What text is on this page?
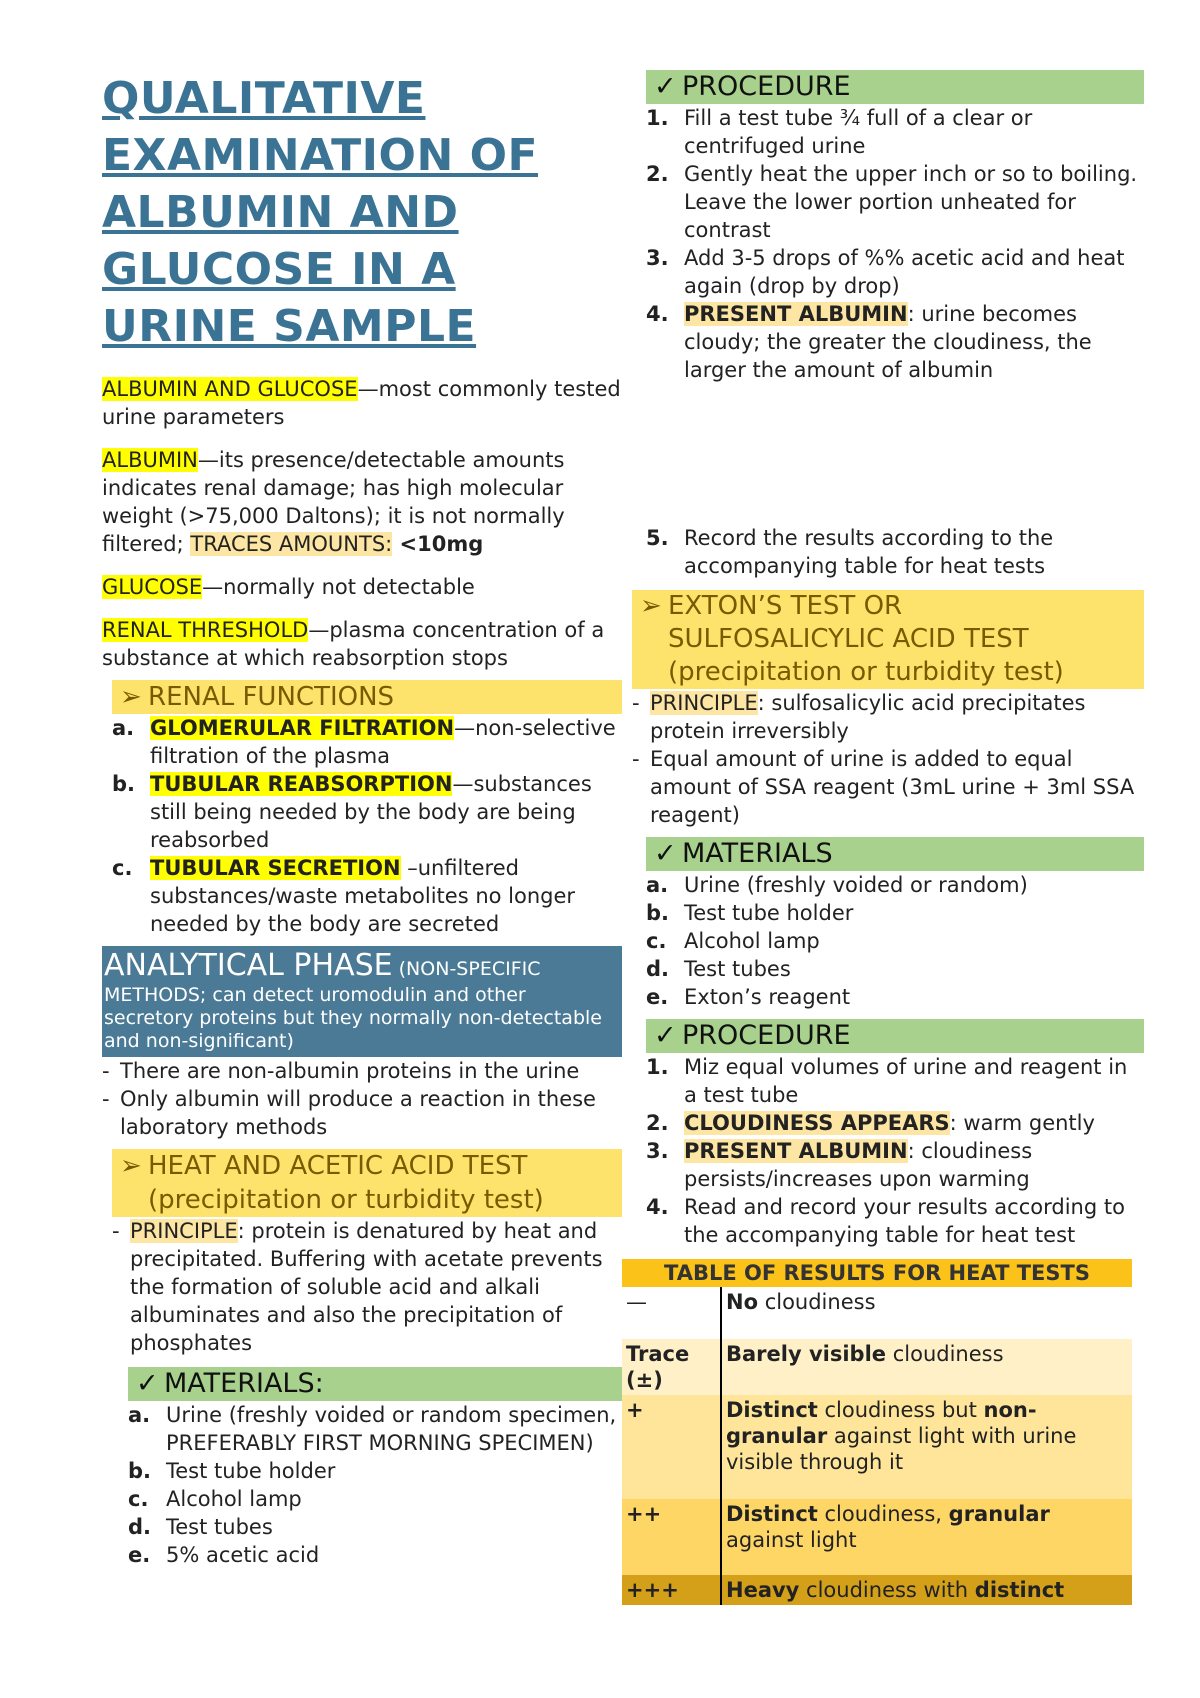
QUALITATIVE
EXAMINATION OF
ALBUMIN AND
GLUCOSE IN A
URINE SAMPLE

ALBUMIN AND GLUCOSE—most commonly tested urine parameters

ALBUMIN—its presence/detectable amounts indicates renal damage; has high molecular weight (>75,000 Daltons); it is not normally filtered; TRACES AMOUNTS: <10mg

GLUCOSE—normally not detectable

RENAL THRESHOLD—plasma concentration of a substance at which reabsorption stops

➢ RENAL FUNCTIONS
a. GLOMERULAR FILTRATION—non-selective filtration of the plasma
b. TUBULAR REABSORPTION—substances still being needed by the body are being reabsorbed
c. TUBULAR SECRETION –unfiltered substances/waste metabolites no longer needed by the body are secreted
ANALYTICAL PHASE (NON-SPECIFIC METHODS; can detect uromodulin and other secretory proteins but they normally non-detectable and non-significant)
- There are non-albumin proteins in the urine
- Only albumin will produce a reaction in these laboratory methods
➢ HEAT AND ACETIC ACID TEST
(precipitation or turbidity test)
- PRINCIPLE: protein is denatured by heat and precipitated. Buffering with acetate prevents the formation of soluble acid and alkali albuminates and also the precipitation of phosphates
✓ MATERIALS:
a. Urine (freshly voided or random specimen, PREFERABLY FIRST MORNING SPECIMEN)
b. Test tube holder
c. Alcohol lamp
d. Test tubes
e. 5% acetic acid
✓ PROCEDURE
1. Fill a test tube ¾ full of a clear or centrifuged urine
2. Gently heat the upper inch or so to boiling. Leave the lower portion unheated for contrast
3. Add 3-5 drops of %% acetic acid and heat again (drop by drop)
4. PRESENT ALBUMIN: urine becomes cloudy; the greater the cloudiness, the larger the amount of albumin
5. Record the results according to the accompanying table for heat tests
➢ EXTON’S TEST OR
SULFOSALICYLIC ACID TEST
(precipitation or turbidity test)
- PRINCIPLE: sulfosalicylic acid precipitates protein irreversibly
- Equal amount of urine is added to equal amount of SSA reagent (3mL urine + 3ml SSA reagent)
✓ MATERIALS
a. Urine (freshly voided or random)
b. Test tube holder
c. Alcohol lamp
d. Test tubes
e. Exton’s reagent
✓ PROCEDURE
1. Miz equal volumes of urine and reagent in a test tube
2. CLOUDINESS APPEARS: warm gently
3. PRESENT ALBUMIN: cloudiness persists/increases upon warming
4. Read and record your results according to the accompanying table for heat test
TABLE OF RESULTS FOR HEAT TESTS
—	No cloudiness
Trace (±)	Barely visible cloudiness
+	Distinct cloudiness but non-granular against light with urine visible through it
++	Distinct cloudiness, granular against light
+++	Heavy cloudiness with distinct
